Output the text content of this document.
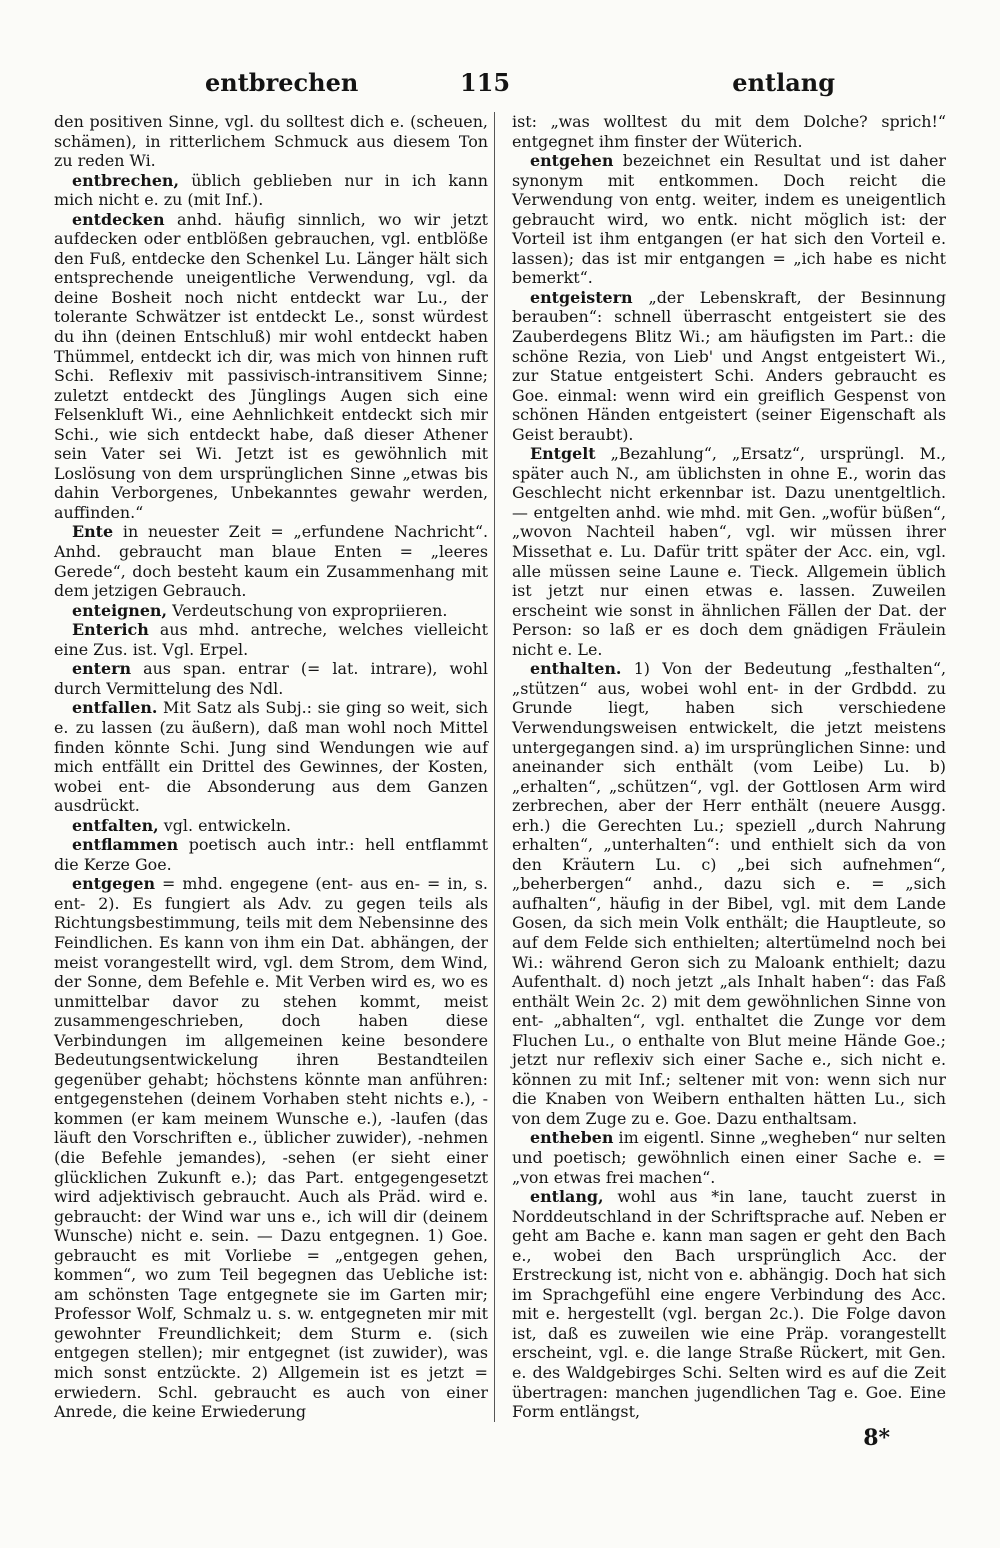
entbrechen	115	entlang

den positiven Sinne, vgl. du solltest dich e. (scheuen, schämen), in ritterlichem Schmuck aus diesem Ton zu reden Wi.

entbrechen, üblich geblieben nur in ich kann mich nicht e. zu (mit Inf.).

entdecken anhd. häufig sinnlich, wo wir jetzt aufdecken oder entblößen gebrauchen, vgl. entblöße den Fuß, entdecke den Schenkel Lu. Länger hält sich entsprechende uneigentliche Verwendung, vgl. da deine Bosheit noch nicht entdeckt war Lu., der tolerante Schwätzer ist entdeckt Le., sonst würdest du ihn (deinen Entschluß) mir wohl entdeckt haben Thümmel, entdeckt ich dir, was mich von hinnen ruft Schi. Reflexiv mit passivisch-intransitivem Sinne; zuletzt entdeckt des Jünglings Augen sich eine Felsenkluft Wi., eine Aehnlichkeit entdeckt sich mir Schi., wie sich entdeckt habe, daß dieser Athener sein Vater sei Wi. Jetzt ist es gewöhnlich mit Loslösung von dem ursprünglichen Sinne „etwas bis dahin Verborgenes, Unbekanntes gewahr werden, auffinden.“

Ente in neuester Zeit = „erfundene Nachricht“. Anhd. gebraucht man blaue Enten = „leeres Gerede“, doch besteht kaum ein Zusammenhang mit dem jetzigen Gebrauch.

enteignen, Verdeutschung von expropriieren.

Enterich aus mhd. antreche, welches vielleicht eine Zus. ist. Vgl. Erpel.

entern aus span. entrar (= lat. intrare), wohl durch Vermittelung des Ndl.

entfallen. Mit Satz als Subj.: sie ging so weit, sich e. zu lassen (zu äußern), daß man wohl noch Mittel finden könnte Schi. Jung sind Wendungen wie auf mich entfällt ein Drittel des Gewinnes, der Kosten, wobei ent- die Absonderung aus dem Ganzen ausdrückt.

entfalten, vgl. entwickeln.

entflammen poetisch auch intr.: hell entflammt die Kerze Goe.

entgegen = mhd. engegene (ent- aus en- = in, s. ent- 2). Es fungiert als Adv. zu gegen teils als Richtungsbestimmung, teils mit dem Nebensinne des Feindlichen. Es kann von ihm ein Dat. abhängen, der meist vorangestellt wird, vgl. dem Strom, dem Wind, der Sonne, dem Befehle e. Mit Verben wird es, wo es unmittelbar davor zu stehen kommt, meist zusammengeschrieben, doch haben diese Verbindungen im allgemeinen keine besondere Bedeutungsentwickelung ihren Bestandteilen gegenüber gehabt; höchstens könnte man anführen: entgegenstehen (deinem Vorhaben steht nichts e.), -kommen (er kam meinem Wunsche e.), -laufen (das läuft den Vorschriften e., üblicher zuwider), -nehmen (die Befehle jemandes), -sehen (er sieht einer glücklichen Zukunft e.); das Part. entgegengesetzt wird adjektivisch gebraucht. Auch als Präd. wird e. gebraucht: der Wind war uns e., ich will dir (deinem Wunsche) nicht e. sein. — Dazu entgegnen. 1) Goe. gebraucht es mit Vorliebe = „entgegen gehen, kommen“, wo zum Teil begegnen das Uebliche ist: am schönsten Tage entgegnete sie im Garten mir; Professor Wolf, Schmalz u. s. w. entgegneten mir mit gewohnter Freundlichkeit; dem Sturm e. (sich entgegen stellen); mir entgegnet (ist zuwider), was mich sonst entzückte. 2) Allgemein ist es jetzt = erwiedern. Schl. gebraucht es auch von einer Anrede, die keine Erwiederung

ist: „was wolltest du mit dem Dolche? sprich!“ entgegnet ihm finster der Wüterich.

entgehen bezeichnet ein Resultat und ist daher synonym mit entkommen. Doch reicht die Verwendung von entg. weiter, indem es uneigentlich gebraucht wird, wo entk. nicht möglich ist: der Vorteil ist ihm entgangen (er hat sich den Vorteil e. lassen); das ist mir entgangen = „ich habe es nicht bemerkt“.

entgeistern „der Lebenskraft, der Besinnung berauben“: schnell überrascht entgeistert sie des Zauberdegens Blitz Wi.; am häufigsten im Part.: die schöne Rezia, von Lieb' und Angst entgeistert Wi., zur Statue entgeistert Schi. Anders gebraucht es Goe. einmal: wenn wird ein greiflich Gespenst von schönen Händen entgeistert (seiner Eigenschaft als Geist beraubt).

Entgelt „Bezahlung“, „Ersatz“, ursprüngl. M., später auch N., am üblichsten in ohne E., worin das Geschlecht nicht erkennbar ist. Dazu unentgeltlich. — entgelten anhd. wie mhd. mit Gen. „wofür büßen“, „wovon Nachteil haben“, vgl. wir müssen ihrer Missethat e. Lu. Dafür tritt später der Acc. ein, vgl. alle müssen seine Laune e. Tieck. Allgemein üblich ist jetzt nur einen etwas e. lassen. Zuweilen erscheint wie sonst in ähnlichen Fällen der Dat. der Person: so laß er es doch dem gnädigen Fräulein nicht e. Le.

enthalten. 1) Von der Bedeutung „festhalten“, „stützen“ aus, wobei wohl ent- in der Grdbdd. zu Grunde liegt, haben sich verschiedene Verwendungsweisen entwickelt, die jetzt meistens untergegangen sind. a) im ursprünglichen Sinne: und aneinander sich enthält (vom Leibe) Lu. b) „erhalten“, „schützen“, vgl. der Gottlosen Arm wird zerbrechen, aber der Herr enthält (neuere Ausgg. erh.) die Gerechten Lu.; speziell „durch Nahrung erhalten“, „unterhalten“: und enthielt sich da von den Kräutern Lu. c) „bei sich aufnehmen“, „beherbergen“ anhd., dazu sich e. = „sich aufhalten“, häufig in der Bibel, vgl. mit dem Lande Gosen, da sich mein Volk enthält; die Hauptleute, so auf dem Felde sich enthielten; altertümelnd noch bei Wi.: während Geron sich zu Maloank enthielt; dazu Aufenthalt. d) noch jetzt „als Inhalt haben“: das Faß enthält Wein 2c. 2) mit dem gewöhnlichen Sinne von ent- „abhalten“, vgl. enthaltet die Zunge vor dem Fluchen Lu., o enthalte von Blut meine Hände Goe.; jetzt nur reflexiv sich einer Sache e., sich nicht e. können zu mit Inf.; seltener mit von: wenn sich nur die Knaben von Weibern enthalten hätten Lu., sich von dem Zuge zu e. Goe. Dazu enthaltsam.

entheben im eigentl. Sinne „wegheben“ nur selten und poetisch; gewöhnlich einen einer Sache e. = „von etwas frei machen“.

entlang, wohl aus *in lane, taucht zuerst in Norddeutschland in der Schriftsprache auf. Neben er geht am Bache e. kann man sagen er geht den Bach e., wobei den Bach ursprünglich Acc. der Erstreckung ist, nicht von e. abhängig. Doch hat sich im Sprachgefühl eine engere Verbindung des Acc. mit e. hergestellt (vgl. bergan 2c.). Die Folge davon ist, daß es zuweilen wie eine Präp. vorangestellt erscheint, vgl. e. die lange Straße Rückert, mit Gen. e. des Waldgebirges Schi. Selten wird es auf die Zeit übertragen: manchen jugendlichen Tag e. Goe. Eine Form entlängst,

8*
